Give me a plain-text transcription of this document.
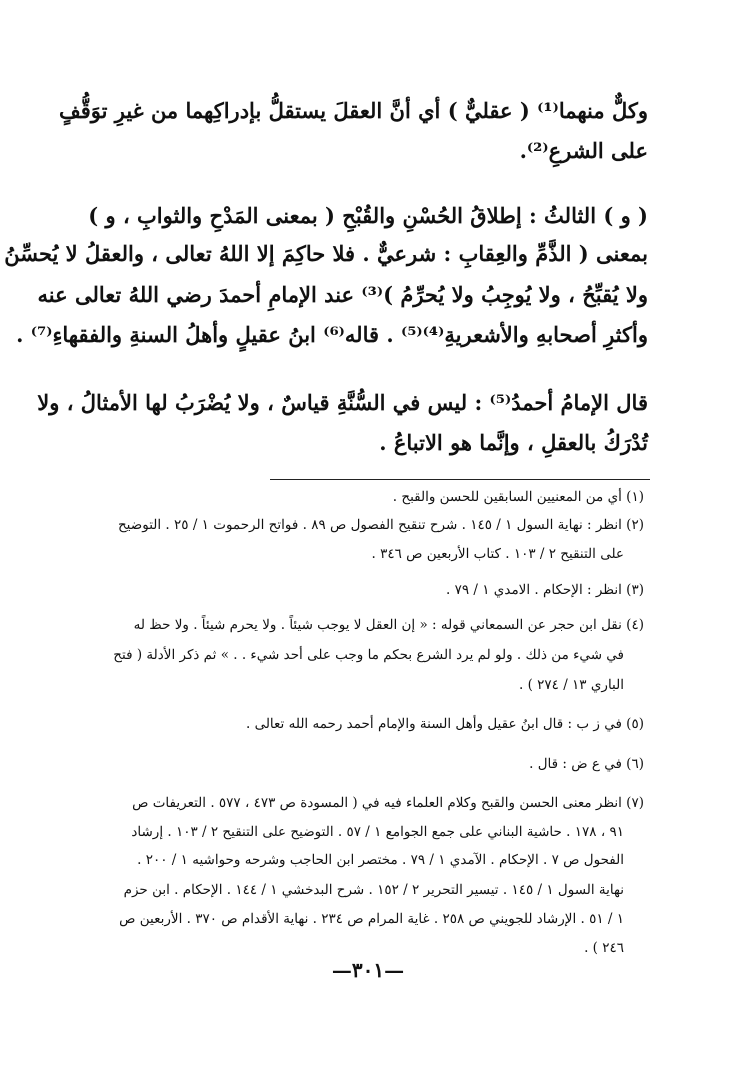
وكلٌّ منهما⁽¹⁾ ( عقليٌّ ) أي أنَّ العقلَ يستقلُّ بإدراكِهما من غيرِ توَقُّفٍ
على الشرعِ⁽²⁾.
( و ) الثالثُ : إطلاقُ الحُسْنِ والقُبْحِ ( بمعنى المَدْحِ والثوابِ ، و )
بمعنى ( الذَّمِّ والعِقابِ : شرعيٌّ . فلا حاكِمَ إلا اللهُ تعالى ، والعقلُ لا يُحسِّنُ
ولا يُقبِّحُ ، ولا يُوجِبُ ولا يُحرِّمُ )⁽³⁾ عند الإمامِ أحمدَ رضي اللهُ تعالى عنه
وأكثرِ أصحابهِ والأشعريةِ⁽⁴⁾⁽⁵⁾ . قاله⁽⁶⁾ ابنُ عقيلٍ وأهلُ السنةِ والفقهاءِ⁽⁷⁾ .
قال الإمامُ أحمدُ⁽⁵⁾ : ليس في السُّنَّةِ قياسٌ ، ولا يُضْرَبُ لها الأمثالُ ، ولا
تُدْرَكُ بالعقلِ ، وإنَّما هو الاتباعُ .
(١) أي من المعنيين السابقين للحسن والقبح .
(٢) انظر : نهاية السول ١ / ١٤٥ . شرح تنقيح الفصول ص ٨٩ . فواتح الرحموت ١ / ٢٥ . التوضيح
على التنقيح ٢ / ١٠٣ . كتاب الأربعين ص ٣٤٦ .
(٣) انظر : الإحكام . الامدي ١ / ٧٩ .
(٤) نقل ابن حجر عن السمعاني قوله : « إن العقل لا يوجب شيئاً . ولا يحرم شيئاً . ولا حظ له
في شيء من ذلك . ولو لم يرد الشرع بحكم ما وجب على أحد شيء . . » ثم ذكر الأدلة ( فتح
الباري ١٣ / ٢٧٤ ) .
(٥) في ز ب : قال ابنُ عقيل وأهل السنة والإمام أحمد رحمه الله تعالى .
(٦) في ع ض : قال .
(٧) انظر معنى الحسن والقبح وكلام العلماء فيه في ( المسودة ص ٤٧٣ ، ٥٧٧ . التعريفات ص
٩١ ، ١٧٨ . حاشية البناني على جمع الجوامع ١ / ٥٧ . التوضيح على التنقيح ٢ / ١٠٣ . إرشاد
الفحول ص ٧ . الإحكام . الآمدي ١ / ٧٩ . مختصر ابن الحاجب وشرحه وحواشيه ١ / ٢٠٠ .
نهاية السول ١ / ١٤٥ . تيسير التحرير ٢ / ١٥٢ . شرح البدخشي ١ / ١٤٤ . الإحكام . ابن حزم
١ / ٥١ . الإرشاد للجويني ص ٢٥٨ . غاية المرام ص ٢٣٤ . نهاية الأقدام ص ٣٧٠ . الأربعين ص
٢٤٦ ) .
—٣٠١—
